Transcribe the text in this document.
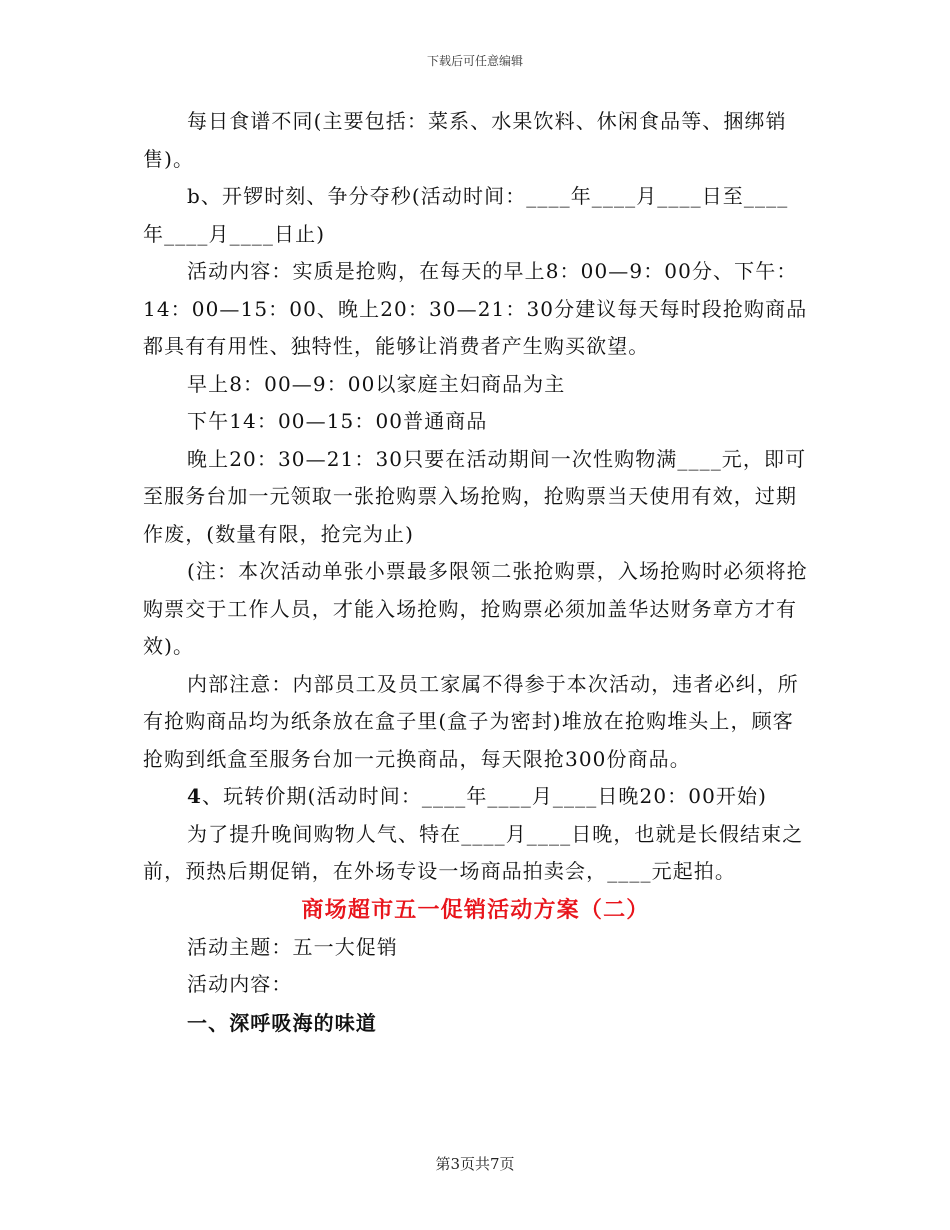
下载后可任意编辑

每日食谱不同(主要包括：菜系、水果饮料、休闲食品等、捆绑销售)。

b、开锣时刻、争分夺秒(活动时间：____年____月____日至____年____月____日止)

活动内容：实质是抢购，在每天的早上8：00—9：00分、下午：14：00—15：00、晚上20：30—21：30分建议每天每时段抢购商品都具有有用性、独特性，能够让消费者产生购买欲望。

早上8：00—9：00以家庭主妇商品为主

下午14：00—15：00普通商品

晚上20：30—21：30只要在活动期间一次性购物满____元，即可至服务台加一元领取一张抢购票入场抢购，抢购票当天使用有效，过期作废，(数量有限，抢完为止)

(注：本次活动单张小票最多限领二张抢购票，入场抢购时必须将抢购票交于工作人员，才能入场抢购，抢购票必须加盖华达财务章方才有效)。

内部注意：内部员工及员工家属不得参于本次活动，违者必纠，所有抢购商品均为纸条放在盒子里(盒子为密封)堆放在抢购堆头上，顾客抢购到纸盒至服务台加一元换商品，每天限抢300份商品。

4、玩转价期(活动时间：____年____月____日晚20：00开始)

为了提升晚间购物人气、特在____月____日晚，也就是长假结束之前，预热后期促销，在外场专设一场商品拍卖会，____元起拍。

商场超市五一促销活动方案（二）

活动主题：五一大促销

活动内容：

一、深呼吸海的味道
第3页共7页
